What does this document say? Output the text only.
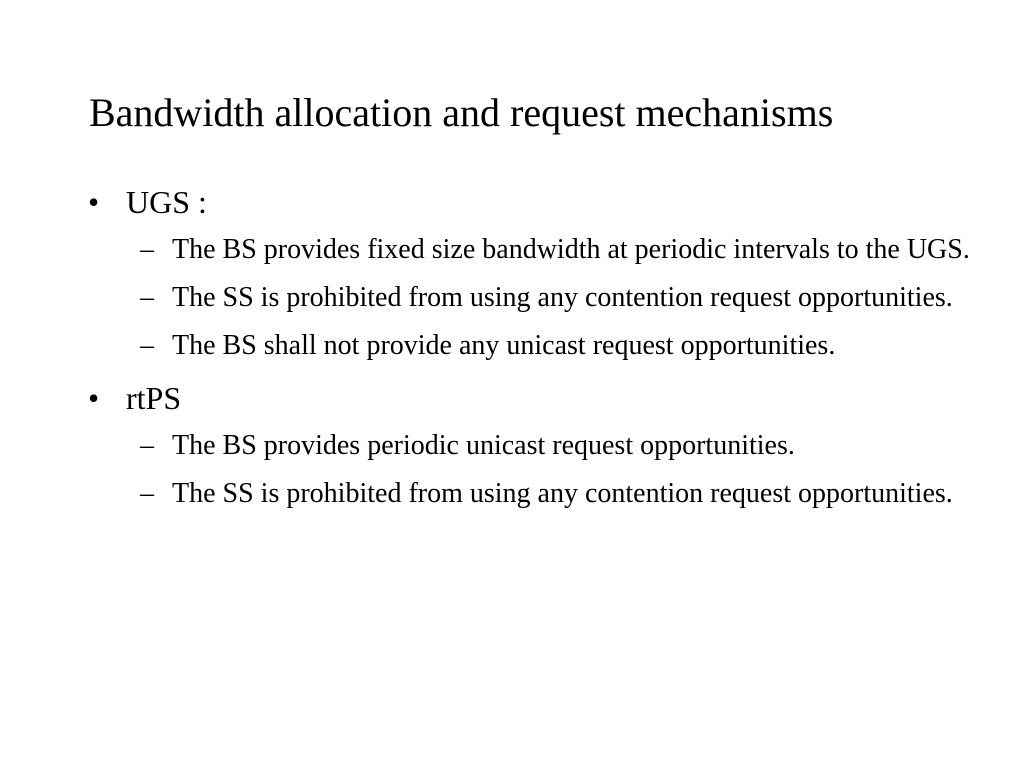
Bandwidth allocation and request mechanisms
• UGS :
– The BS provides fixed size bandwidth at periodic intervals to the UGS.
– The SS is prohibited from using any contention request opportunities.
– The BS shall not provide any unicast request opportunities.
• rtPS
– The BS provides periodic unicast request opportunities.
– The SS is prohibited from using any contention request opportunities.
